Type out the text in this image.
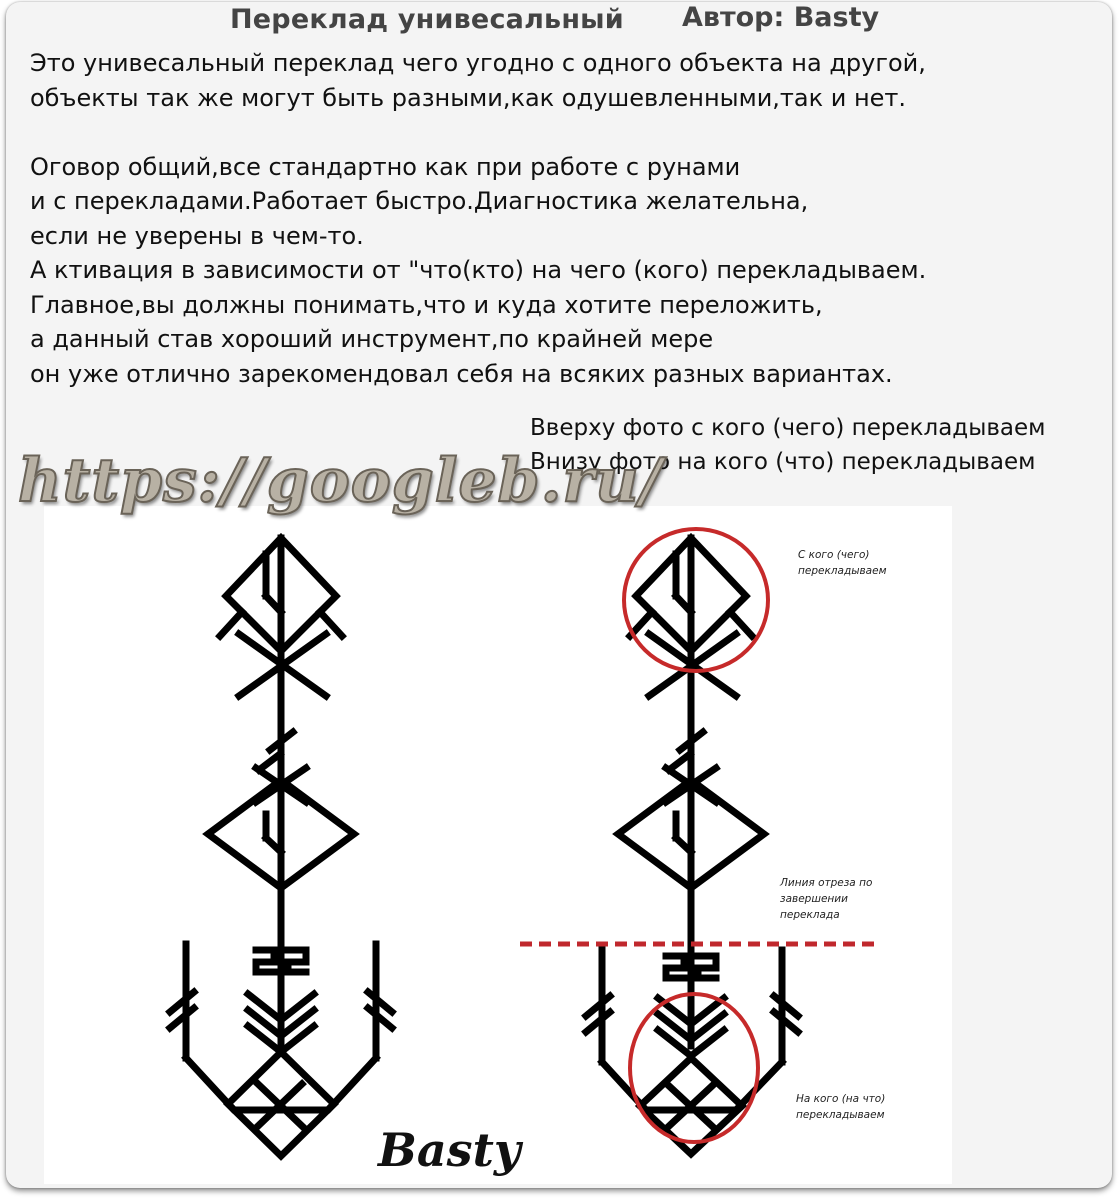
Переклад унивесальный Автор: Basty

Это унивесальный переклад чего угодно с одного объекта на другой,

объекты так же могут быть разными,как одушевленными,так и нет.

Оговор общий,все стандартно как при работе с рунами

и с перекладами.Работает быстро.Диагностика желательна,

если не уверены в чем-то.

А ктивация в зависимости от "что(кто) на чего (кого) перекладываем.

Главное,вы должны понимать,что и куда хотите переложить,

а данный став хороший инструмент,по крайней мере

он уже отлично зарекомендовал себя на всяких разных вариантах.

Вверху фото с кого (чего) перекладываем

Внизу фото на кого (что) перекладываем

С кого (чего) перекладываем
Линия отреза по завершении переклада
На кого (на что) перекладываем
Basty
https://googleb.ru/
